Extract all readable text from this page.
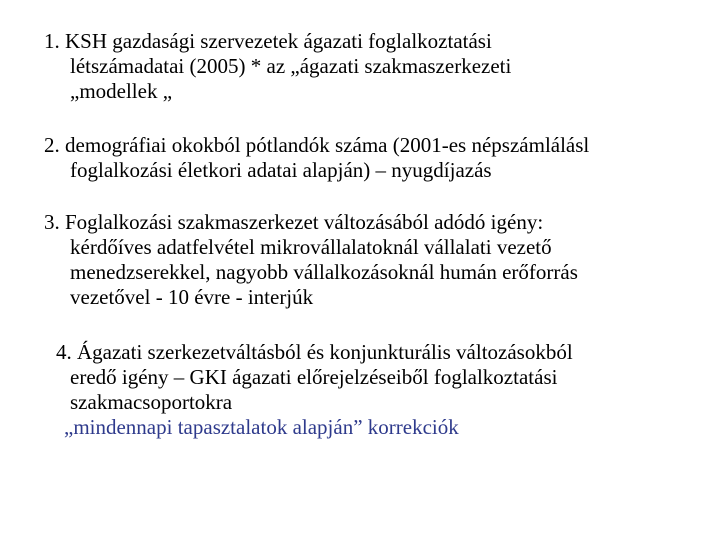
1. KSH gazdasági szervezetek ágazati foglalkoztatási
létszámadatai (2005) * az „ágazati szakmaszerkezeti
„modellek „
2. demográfiai okokból pótlandók száma (2001-es népszámlálásl
foglalkozási életkori adatai alapján) – nyugdíjazás
3. Foglalkozási szakmaszerkezet változásából adódó igény:
kérdőíves adatfelvétel mikrovállalatoknál vállalati vezető
menedzserekkel, nagyobb vállalkozásoknál humán erőforrás
vezetővel - 10 évre - interjúk
4. Ágazati szerkezetváltásból és konjunkturális változásokból
eredő igény – GKI ágazati előrejelzéseiből foglalkoztatási
szakmacsoportokra
„mindennapi tapasztalatok alapján” korrekciók
